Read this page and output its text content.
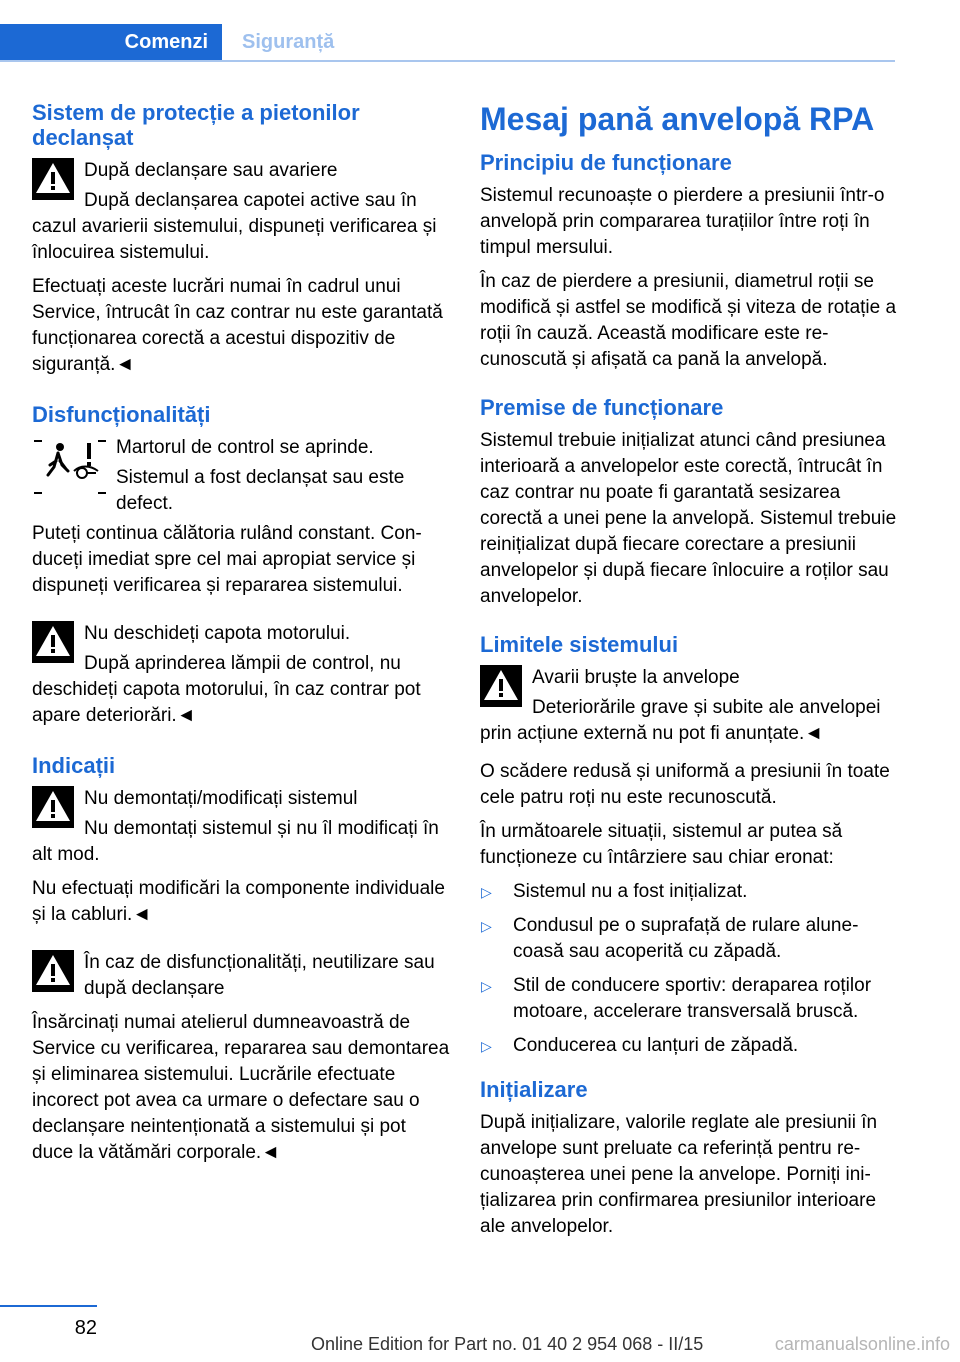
Comenzi	Siguranță
Sistem de protecție a pietonilor declanșat

După declanșare sau avariere

După declanșarea capotei active sau în cazul avarierii sistemului, dispuneți verificarea și înlocuirea sistemului.

Efectuați aceste lucrări numai în cadrul unui Service, întrucât în caz contrar nu este garantată funcționarea corectă a acestui dispozitiv de siguranță.◄

Disfuncționalități

Martorul de control se aprinde.

Sistemul a fost declanșat sau este defect.

Puteți continua călătoria rulând constant. Conduceți imediat spre cel mai apropiat service și dispuneți verificarea și repararea sistemului.

Nu deschideți capota motorului.

După aprinderea lămpii de control, nu deschideți capota motorului, în caz contrar pot apare deteriorări.◄

Indicații

Nu demontați/modificați sistemul

Nu demontați sistemul și nu îl modificați în alt mod.

Nu efectuați modificări la componente individuale și la cabluri.◄

În caz de disfuncționalități, neutilizare sau după declanșare

Însărcinați numai atelierul dumneavoastră de Service cu verificarea, repararea sau demontarea și eliminarea sistemului. Lucrările efectuate incorect pot avea ca urmare o defectare sau o declanșare neintenționată a sistemului și pot duce la vătămări corporale.◄

Mesaj pană anvelopă RPA
Principiu de funcționare

Sistemul recunoaște o pierdere a presiunii într-o anvelopă prin compararea turațiilor între roți în timpul mersului.

În caz de pierdere a presiunii, diametrul roții se modifică și astfel se modifică și viteza de rotație a roții în cauză. Această modificare este recunoscută și afișată ca pană la anvelopă.

Premise de funcționare

Sistemul trebuie inițializat atunci când presiunea interioară a anvelopelor este corectă, întrucât în caz contrar nu poate fi garantată sesizarea corectă a unei pene la anvelopă. Sistemul trebuie reinițializat după fiecare corectare a presiunii anvelopelor și după fiecare înlocuire a roților sau anvelopelor.

Limitele sistemului

Avarii bruște la anvelope

Deteriorările grave și subite ale anvelopei prin acțiune externă nu pot fi anunțate.◄

O scădere redusă și uniformă a presiunii în toate cele patru roți nu este recunoscută.

În următoarele situații, sistemul ar putea să funcționeze cu întârziere sau chiar eronat:

▷ Sistemul nu a fost inițializat.
▷ Condusul pe o suprafață de rulare alunecoasă sau acoperită cu zăpadă.
▷ Stil de conducere sportiv: derapareа roților motoare, accelerare transversală bruscă.
▷ Conducerea cu lanțuri de zăpadă.
Inițializare

După inițializare, valorile reglate ale presiunii în anvelope sunt preluate ca referință pentru recunoașterea unei pene la anvelope. Porniți inițializarea prin confirmarea presiunilor interioare ale anvelopelor.

82
Online Edition for Part no. 01 40 2 954 068 - II/15	carmanualsonline.info
